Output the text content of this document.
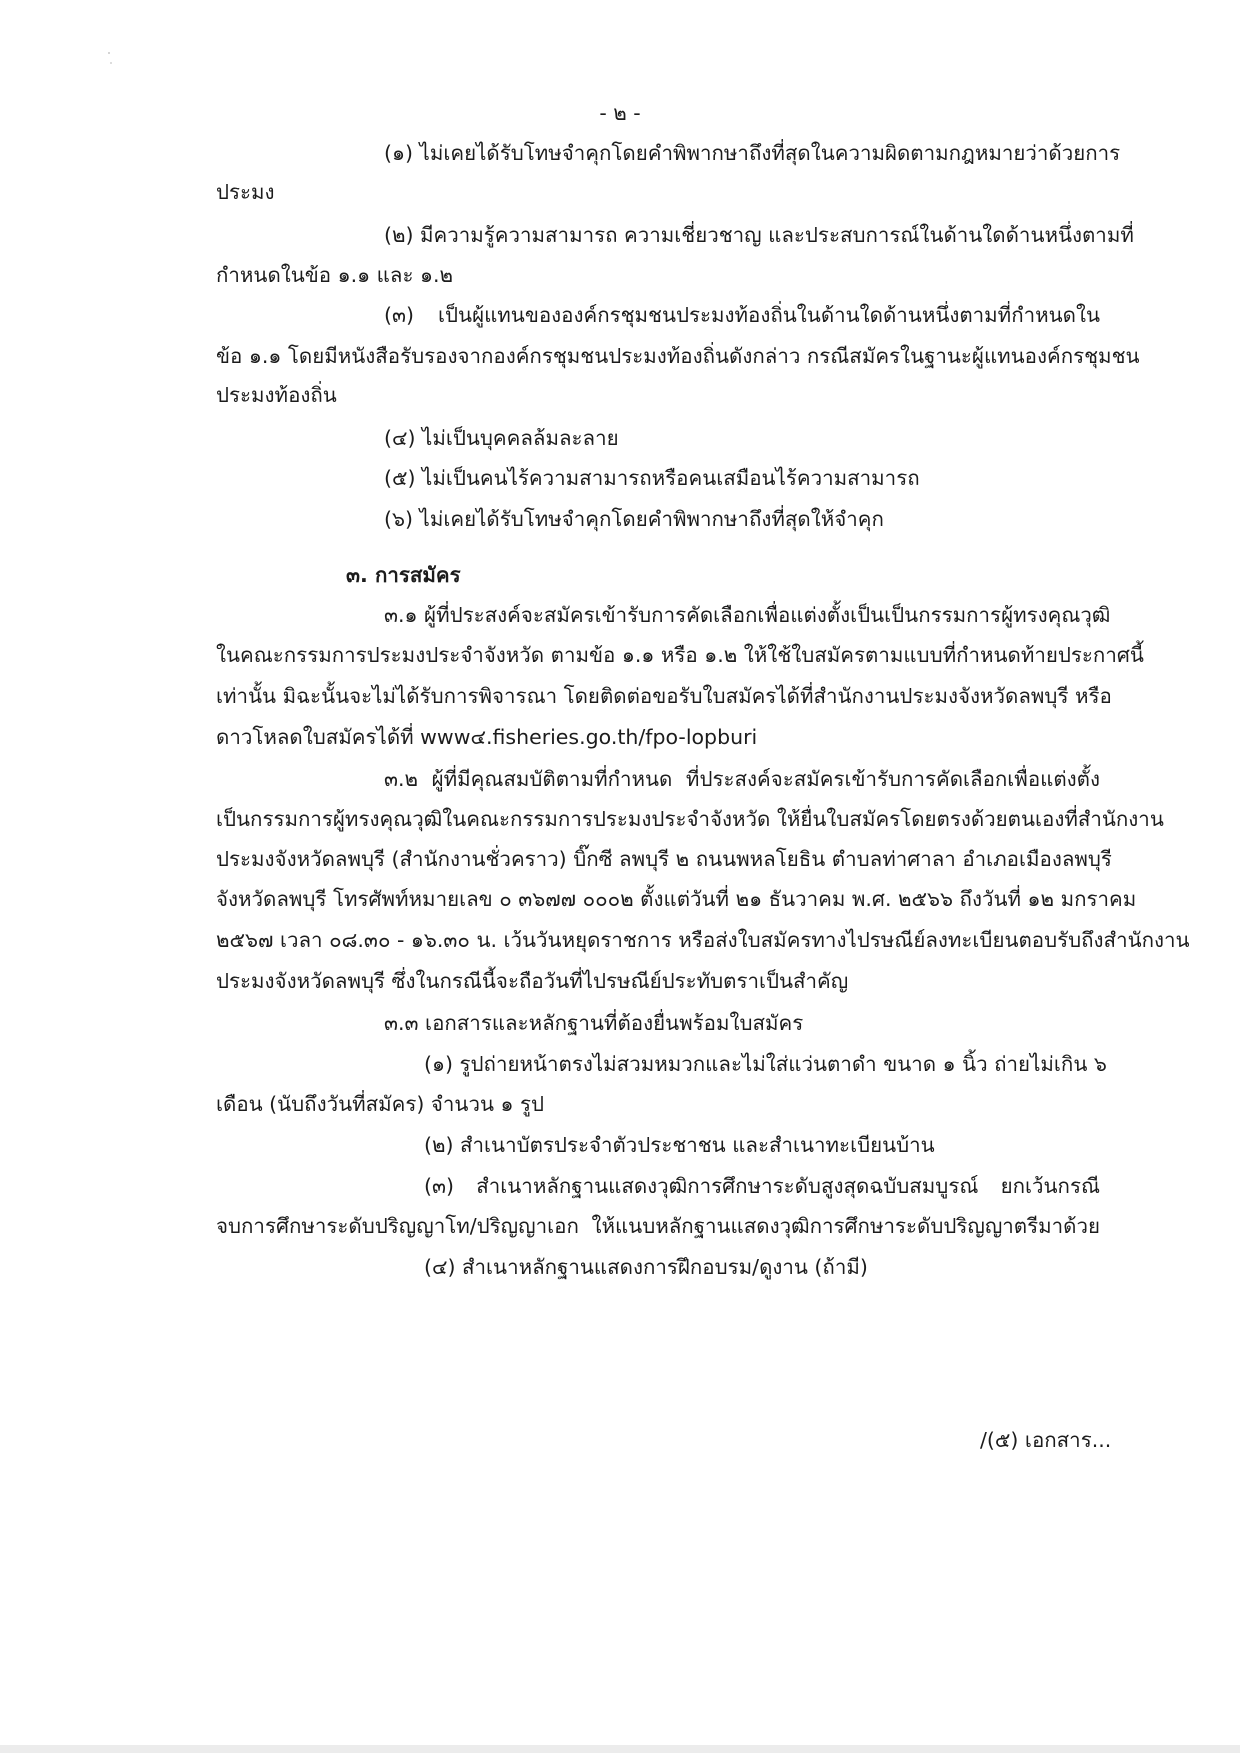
- ๒ -
(๑) ไม่เคยได้รับโทษจำคุกโดยคำพิพากษาถึงที่สุดในความผิดตามกฎหมายว่าด้วยการ
ประมง
(๒) มีความรู้ความสามารถ ความเชี่ยวชาญ และประสบการณ์ในด้านใดด้านหนึ่งตามที่
กำหนดในข้อ ๑.๑ และ ๑.๒
(๓) เป็นผู้แทนขององค์กรชุมชนประมงท้องถิ่นในด้านใดด้านหนึ่งตามที่กำหนดใน
ข้อ ๑.๑ โดยมีหนังสือรับรองจากองค์กรชุมชนประมงท้องถิ่นดังกล่าว กรณีสมัครในฐานะผู้แทนองค์กรชุมชน
ประมงท้องถิ่น
(๔) ไม่เป็นบุคคลล้มละลาย
(๕) ไม่เป็นคนไร้ความสามารถหรือคนเสมือนไร้ความสามารถ
(๖) ไม่เคยได้รับโทษจำคุกโดยคำพิพากษาถึงที่สุดให้จำคุก
๓. การสมัคร
๓.๑ ผู้ที่ประสงค์จะสมัครเข้ารับการคัดเลือกเพื่อแต่งตั้งเป็นเป็นกรรมการผู้ทรงคุณวุฒิ
ในคณะกรรมการประมงประจำจังหวัด ตามข้อ ๑.๑ หรือ ๑.๒ ให้ใช้ใบสมัครตามแบบที่กำหนดท้ายประกาศนี้
เท่านั้น มิฉะนั้นจะไม่ได้รับการพิจารณา โดยติดต่อขอรับใบสมัครได้ที่สำนักงานประมงจังหวัดลพบุรี หรือ
ดาวโหลดใบสมัครได้ที่ www๔.fisheries.go.th/fpo-lopburi
๓.๒ ผู้ที่มีคุณสมบัติตามที่กำหนด ที่ประสงค์จะสมัครเข้ารับการคัดเลือกเพื่อแต่งตั้ง
เป็นกรรมการผู้ทรงคุณวุฒิในคณะกรรมการประมงประจำจังหวัด ให้ยื่นใบสมัครโดยตรงด้วยตนเองที่สำนักงาน
ประมงจังหวัดลพบุรี (สำนักงานชั่วคราว) บิ๊กซี ลพบุรี ๒ ถนนพหลโยธิน ตำบลท่าศาลา อำเภอเมืองลพบุรี
จังหวัดลพบุรี โทรศัพท์หมายเลข ๐ ๓๖๗๗ ๐๐๐๒ ตั้งแต่วันที่ ๒๑ ธันวาคม พ.ศ. ๒๕๖๖ ถึงวันที่ ๑๒ มกราคม
๒๕๖๗ เวลา ๐๘.๓๐ - ๑๖.๓๐ น. เว้นวันหยุดราชการ หรือส่งใบสมัครทางไปรษณีย์ลงทะเบียนตอบรับถึงสำนักงาน
ประมงจังหวัดลพบุรี ซึ่งในกรณีนี้จะถือวันที่ไปรษณีย์ประทับตราเป็นสำคัญ
๓.๓ เอกสารและหลักฐานที่ต้องยื่นพร้อมใบสมัคร
(๑) รูปถ่ายหน้าตรงไม่สวมหมวกและไม่ใส่แว่นตาดำ ขนาด ๑ นิ้ว ถ่ายไม่เกิน ๖
เดือน (นับถึงวันที่สมัคร) จำนวน ๑ รูป
(๒) สำเนาบัตรประจำตัวประชาชน และสำเนาทะเบียนบ้าน
(๓) สำเนาหลักฐานแสดงวุฒิการศึกษาระดับสูงสุดฉบับสมบูรณ์ ยกเว้นกรณี
จบการศึกษาระดับปริญญาโท/ปริญญาเอก ให้แนบหลักฐานแสดงวุฒิการศึกษาระดับปริญญาตรีมาด้วย
(๔) สำเนาหลักฐานแสดงการฝึกอบรม/ดูงาน (ถ้ามี)
/(๕) เอกสาร...
